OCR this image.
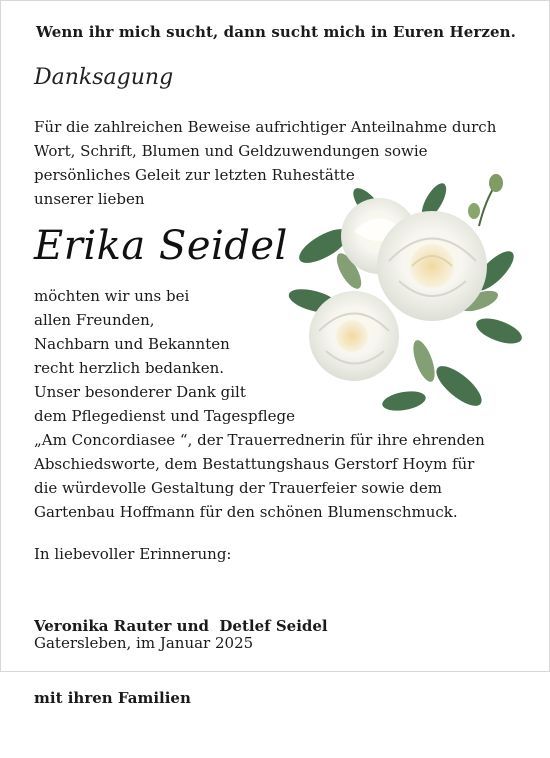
Wenn ihr mich sucht, dann sucht mich in Euren Herzen.
Danksagung
Für die zahlreichen Beweise aufrichtiger Anteilnahme durch
Wort, Schrift, Blumen und Geldzuwendungen sowie
persönliches Geleit zur letzten Ruhestätte
unserer lieben
Erika Seidel
möchten wir uns bei
allen Freunden,
Nachbarn und Bekannten
recht herzlich bedanken.
Unser besonderer Dank gilt
dem Pflegedienst und Tagespflege
„Am Concordiasee “, der Trauerrednerin für ihre ehrenden
Abschiedsworte, dem Bestattungshaus Gerstorf Hoym für
die würdevolle Gestaltung der Trauerfeier sowie dem
Gartenbau Hoffmann für den schönen Blumenschmuck.
In liebevoller Erinnerung:

Veronika Rauter und  Detlef Seidel

mit ihren Familien

Gatersleben, im Januar 2025
